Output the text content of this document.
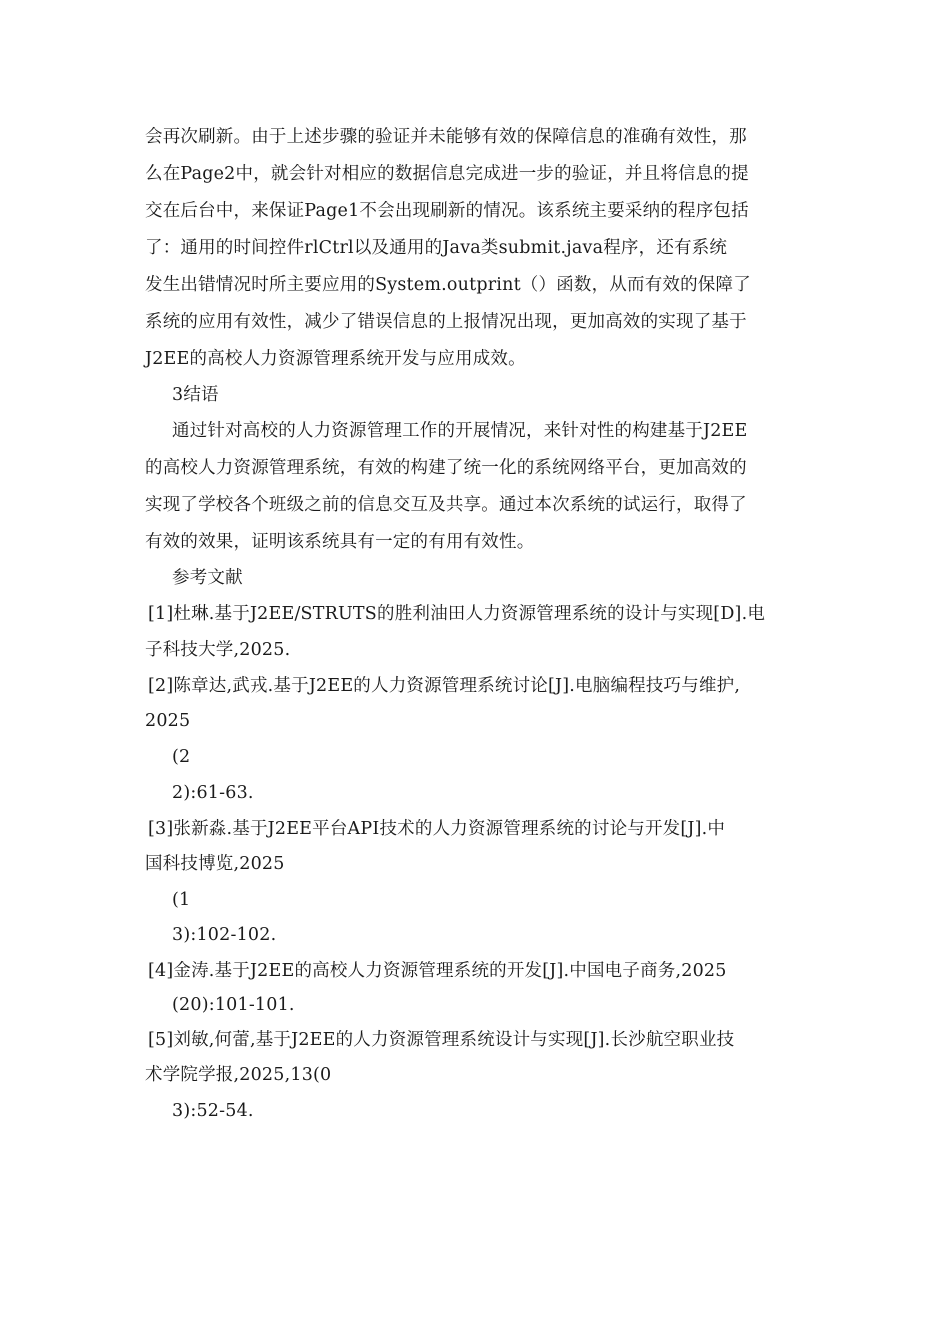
会再次刷新。由于上述步骤的验证并未能够有效的保障信息的准确有效性，那
么在Page2中，就会针对相应的数据信息完成进一步的验证，并且将信息的提
交在后台中，来保证Page1不会出现刷新的情况。该系统主要采纳的程序包括
了：通用的时间控件rlCtrl以及通用的Java类submit.java程序，还有系统
发生出错情况时所主要应用的System.outprint（）函数，从而有效的保障了
系统的应用有效性，减少了错误信息的上报情况出现，更加高效的实现了基于
J2EE的高校人力资源管理系统开发与应用成效。
3结语
通过针对高校的人力资源管理工作的开展情况，来针对性的构建基于J2EE
的高校人力资源管理系统，有效的构建了统一化的系统网络平台，更加高效的
实现了学校各个班级之前的信息交互及共享。通过本次系统的试运行，取得了
有效的效果，证明该系统具有一定的有用有效性。
参考文献
[1]杜琳.基于J2EE/STRUTS的胜利油田人力资源管理系统的设计与实现[D].电
子科技大学,2025.
[2]陈章达,武戎.基于J2EE的人力资源管理系统讨论[J].电脑编程技巧与维护,
2025
(2
2):61-63.
[3]张新淼.基于J2EE平台API技术的人力资源管理系统的讨论与开发[J].中
国科技博览,2025
(1
3):102-102.
[4]金涛.基于J2EE的高校人力资源管理系统的开发[J].中国电子商务,2025
(20):101-101.
[5]刘敏,何蕾,基于J2EE的人力资源管理系统设计与实现[J].长沙航空职业技
术学院学报,2025,13(0
3):52-54.
